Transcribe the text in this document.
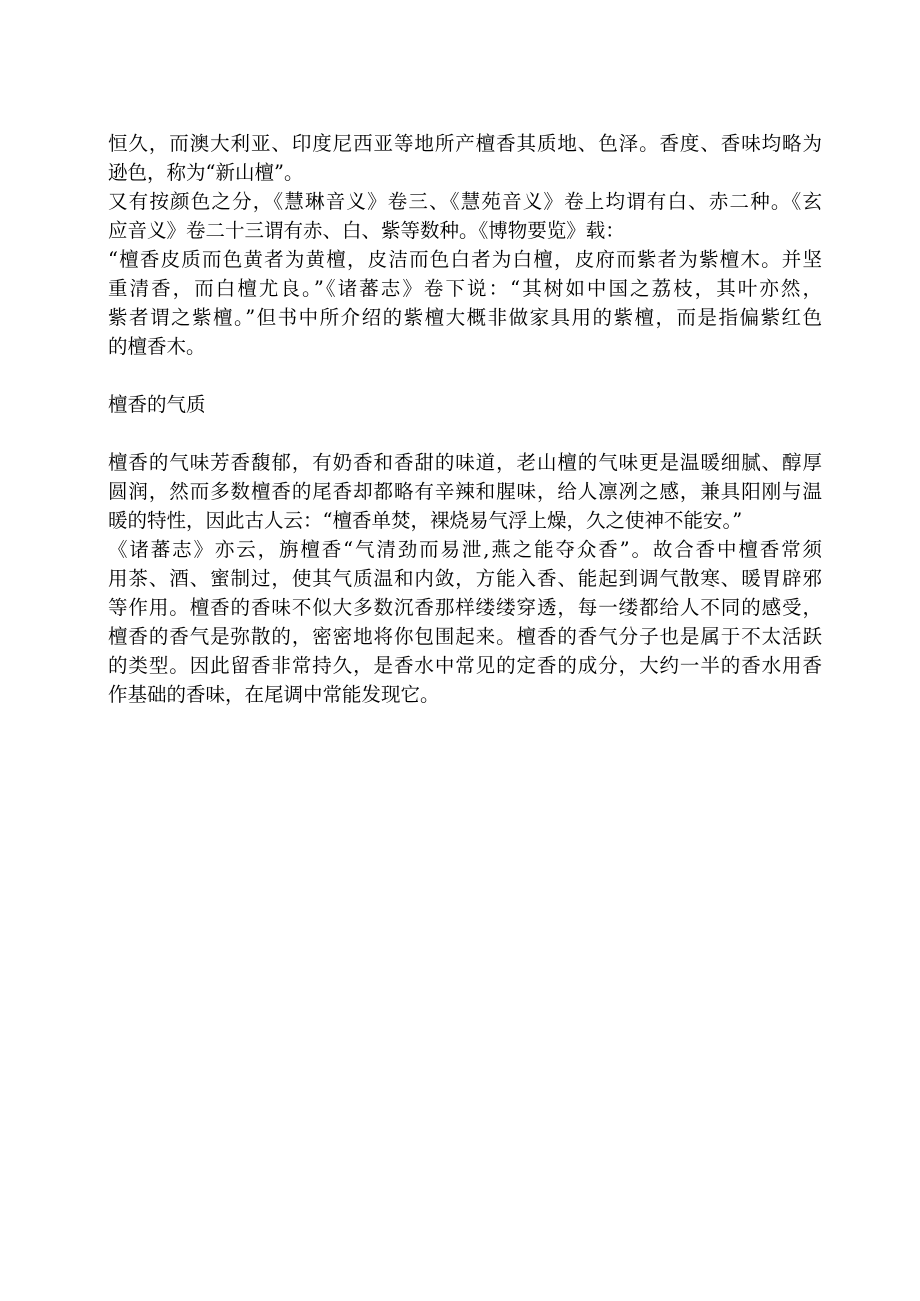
恒久，而澳大利亚、印度尼西亚等地所产檀香其质地、色泽。香度、香味均略为
逊色，称为“新山檀”。
又有按颜色之分，《慧琳音义》卷三、《慧苑音义》卷上均谓有白、赤二种。《玄
应音义》卷二十三谓有赤、白、紫等数种。《博物要览》载：
“檀香皮质而色黄者为黄檀，皮洁而色白者为白檀，皮府而紫者为紫檀木。并坚
重清香，而白檀尤良。”《诸蕃志》卷下说：“其树如中国之荔枝，其叶亦然，
紫者谓之紫檀。”但书中所介绍的紫檀大概非做家具用的紫檀，而是指偏紫红色
的檀香木。
檀香的气质
檀香的气味芳香馥郁，有奶香和香甜的味道，老山檀的气味更是温暖细腻、醇厚
圆润，然而多数檀香的尾香却都略有辛辣和腥味，给人凛冽之感，兼具阳刚与温
暖的特性，因此古人云：“檀香单焚，裸烧易气浮上燥，久之使神不能安。”
《诸蕃志》亦云，旃檀香“气清劲而易泄,燕之能夺众香”。故合香中檀香常须
用茶、酒、蜜制过，使其气质温和内敛，方能入香、能起到调气散寒、暖胃辟邪
等作用。檀香的香味不似大多数沉香那样缕缕穿透，每一缕都给人不同的感受，
檀香的香气是弥散的，密密地将你包围起来。檀香的香气分子也是属于不太活跃
的类型。因此留香非常持久，是香水中常见的定香的成分，大约一半的香水用香
作基础的香味，在尾调中常能发现它。
